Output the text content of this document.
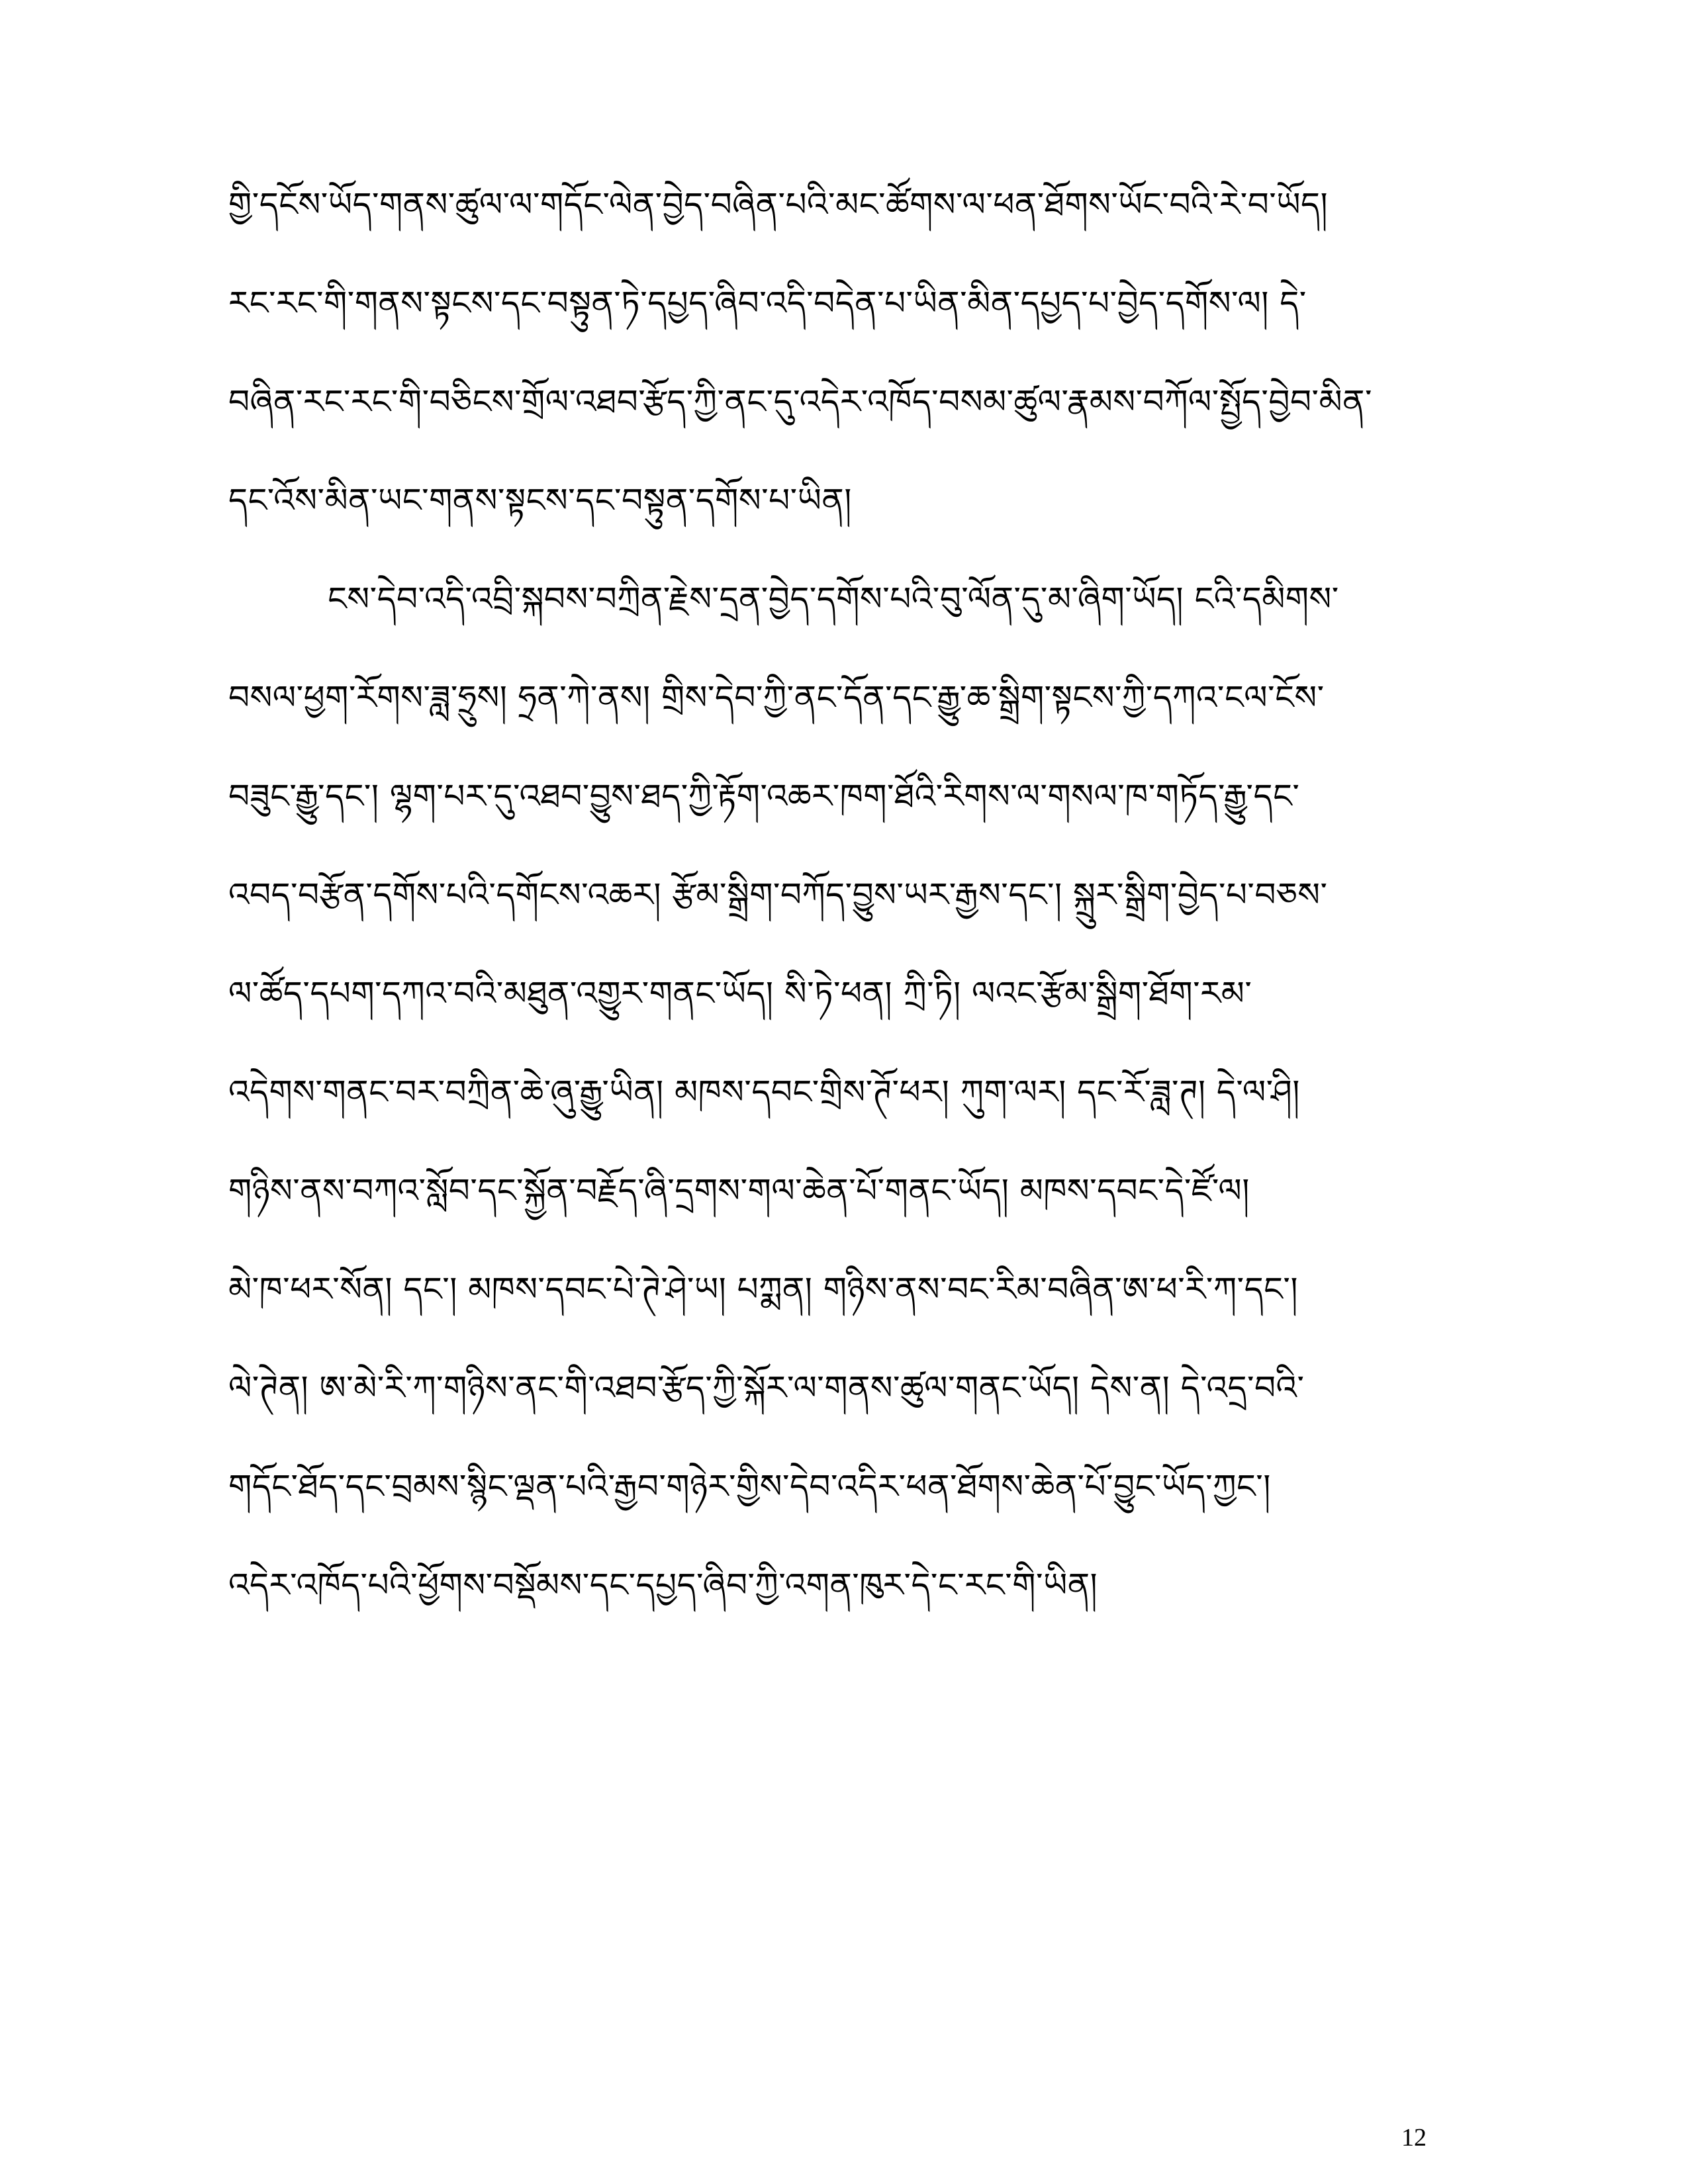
གྱི་དངོས་ཡོད་གནས་ཚུལ་ལ་གདོང་ལེན་བྱེད་བཞིན་པའི་མང་ཚོགས་ལ་ཕན་ཐོགས་ཡོང་བའི་རེ་བ་ཡོད།
རང་རང་གི་གནས་སྟངས་དང་བསྟུན་ཏེ་དཔྱད་ཞིབ་འདི་བདེན་པ་ཡིན་མིན་དཔྱད་པ་བྱེད་དགོས་ལ། དེ་
བཞིན་རང་རང་གི་བཅིངས་གྲོལ་འཐབ་རྩོད་ཀྱི་ནང་དུ་འདེར་འཁོད་བསམ་ཚུལ་རྣམས་བཀོལ་སྤྱོད་བྱེབ་མིན་
དང་འོས་མིན་ཡང་གནས་སྟངས་དང་བསྟུན་དགོས་པ་ཡིན།
ངས་དེབ་འདི་འབྲི་སྐབས་བཀྲིན་རྗེས་དྲན་བྱེད་དགོས་པའི་བུ་ལོན་དུ་མ་ཞིག་ཡོད། ངའི་དམིགས་
བསལ་ཕྱག་རོགས་ཟླ་ཧྲུས། ཧྲན་ཀེ་ནས། གྲིས་དེབ་ཀྱི་ནང་དོན་དང་རྒྱུ་ཆ་སྒྲིག་སྟངས་ཀྱི་དཀའ་ངལ་ངོས་
བཟུང་རྒྱུ་དང་། ལྷག་པར་དུ་འཐབ་བྱུས་ཐད་ཀྱི་རྟོག་འཆར་ཁག་ཐོའི་རིགས་ལ་གསལ་ཁ་གཏོད་རྒྱུ་དང་
འབད་བརྩོན་དགོས་པའི་དགོངས་འཆར། རྩོམ་སྒྲིག་བཀོད་བྱུས་ཡར་རྒྱས་དང་། སྐྲུར་སྒྲིག་བྱེད་པ་བཅས་
ལ་ཚོད་དཔག་དཀའ་བའི་མཐུན་འགྱུར་གནང་ཡོད། སི་ཏེ་ཕན། ཀྲི་ཏི། ལའང་རྩོམ་སྒྲིག་ཐོག་རམ་
འདེགས་གནང་བར་བཀྲིན་ཆེ་ཞུ་རྒྱུ་ཡིན། མཁས་དབང་གྲིས་ཊོ་ཕར། ཀུག་ལར། དང་རོ་ཟླ་ཊ། དེ་ལ་ཤི།
གཉིས་ནས་བཀའ་སློབ་དང་སྐྱོན་བརྗོད་ཞི་དྲགས་གལ་ཆེན་པོ་གནང་ཡོད། མཁས་དབང་དེ་ཛོ་ལ།
མེ་ཁ་ཕར་སོན། དང་། མཁས་དབང་པེ་ཊེ་ཤེ་ཡ། པཀྨན། གཉིས་ནས་བང་རིམ་བཞིན་ཨ་ཕ་རི་ཀ་དང་།
ལེ་ཊེན། ཨ་མེ་རི་ཀ་གཉིས་ནང་གི་འཐབ་རྩོད་ཀྱི་སྐོར་ལ་གནས་ཚུལ་གནང་ཡོད། དེས་ན། དེ་འདྲ་བའི་
གདོང་ཐོད་དང་བྲམས་སྙིང་ལྡན་པའི་རྒྱབ་གཉེར་གྱིས་དེབ་འདིར་ཕན་ཐོགས་ཆེན་པོ་བྱུང་ཡོད་ཀྱང་།
འདེར་འཁོད་པའི་ཕྱོགས་བསྡོམས་དང་དཔྱད་ཞིབ་ཀྱི་འགན་ཁུར་དེ་ང་རང་གི་ཡིན།
12
